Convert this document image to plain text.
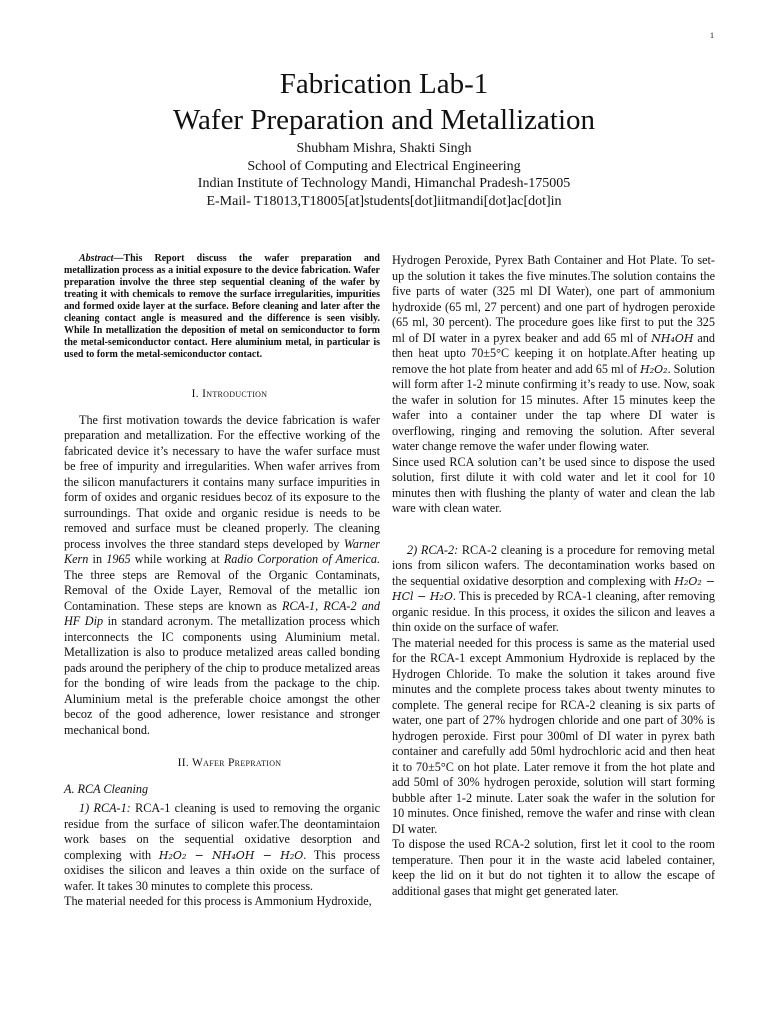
1
Fabrication Lab-1
Wafer Preparation and Metallization
Shubham Mishra, Shakti Singh
School of Computing and Electrical Engineering
Indian Institute of Technology Mandi, Himanchal Pradesh-175005
E-Mail- T18013,T18005[at]students[dot]iitmandi[dot]ac[dot]in

Abstract—This Report discuss the wafer preparation and metallization process as a initial exposure to the device fabrication. Wafer preparation involve the three step sequential cleaning of the wafer by treating it with chemicals to remove the surface irregularities, impurities and formed oxide layer at the surface. Before cleaning and later after the cleaning contact angle is measured and the difference is seen visibly. While In metallization the deposition of metal on semiconductor to form the metal-semiconductor contact. Here aluminium metal, in particular is used to form the metal-semiconductor contact.

I. Introduction

The first motivation towards the device fabrication is wafer preparation and metallization. For the effective working of the fabricated device it’s necessary to have the wafer surface must be free of impurity and irregularities. When wafer arrives from the silicon manufacturers it contains many surface impurities in form of oxides and organic residues becoz of its exposure to the surroundings. That oxide and organic residue is needs to be removed and surface must be cleaned properly. The cleaning process involves the three standard steps developed by Warner Kern in 1965 while working at Radio Corporation of America. The three steps are Removal of the Organic Contaminats, Removal of the Oxide Layer, Removal of the metallic ion Contamination. These steps are known as RCA-1, RCA-2 and HF Dip in standard acronym. The metallization process which interconnects the IC components using Aluminium metal. Metallization is also to produce metalized areas called bonding pads around the periphery of the chip to produce metalized areas for the bonding of wire leads from the package to the chip. Aluminium metal is the preferable choice amongst the other becoz of the good adherence, lower resistance and stronger mechanical bond.

II. Wafer Prepration

A. RCA Cleaning

1) RCA-1: RCA-1 cleaning is used to removing the organic residue from the surface of silicon wafer.The deontamintaion work bases on the sequential oxidative desorption and complexing with H₂O₂ − NH₄OH − H₂O. This process oxidises the silicon and leaves a thin oxide on the surface of wafer. It takes 30 minutes to complete this process.

The material needed for this process is Ammonium Hydroxide,

Hydrogen Peroxide, Pyrex Bath Container and Hot Plate. To set-up the solution it takes the five minutes.The solution contains the five parts of water (325 ml DI Water), one part of ammonium hydroxide (65 ml, 27 percent) and one part of hydrogen peroxide (65 ml, 30 percent). The procedure goes like first to put the 325 ml of DI water in a pyrex beaker and add 65 ml of NH₄OH and then heat upto 70±5°C keeping it on hotplate.After heating up remove the hot plate from heater and add 65 ml of H₂O₂. Solution will form after 1-2 minute confirming it’s ready to use. Now, soak the wafer in solution for 15 minutes. After 15 minutes keep the wafer into a container under the tap where DI water is overflowing, ringing and removing the solution. After several water change remove the wafer under flowing water.

Since used RCA solution can’t be used since to dispose the used solution, first dilute it with cold water and let it cool for 10 minutes then with flushing the planty of water and clean the lab ware with clean water.

2) RCA-2: RCA-2 cleaning is a procedure for removing metal ions from silicon wafers. The decontamination works based on the sequential oxidative desorption and complexing with H₂O₂ − HCl − H₂O. This is preceded by RCA-1 cleaning, after removing organic residue. In this process, it oxides the silicon and leaves a thin oxide on the surface of wafer.

The material needed for this process is same as the material used for the RCA-1 except Ammonium Hydroxide is replaced by the Hydrogen Chloride. To make the solution it takes around five minutes and the complete process takes about twenty minutes to complete. The general recipe for RCA-2 cleaning is six parts of water, one part of 27% hydrogen chloride and one part of 30% is hydrogen peroxide. First pour 300ml of DI water in pyrex bath container and carefully add 50ml hydrochloric acid and then heat it to 70±5°C on hot plate. Later remove it from the hot plate and add 50ml of 30% hydrogen peroxide, solution will start forming bubble after 1-2 minute. Later soak the wafer in the solution for 10 minutes. Once finished, remove the wafer and rinse with clean DI water.

To dispose the used RCA-2 solution, first let it cool to the room temperature. Then pour it in the waste acid labeled container, keep the lid on it but do not tighten it to allow the escape of additional gases that might get generated later.
